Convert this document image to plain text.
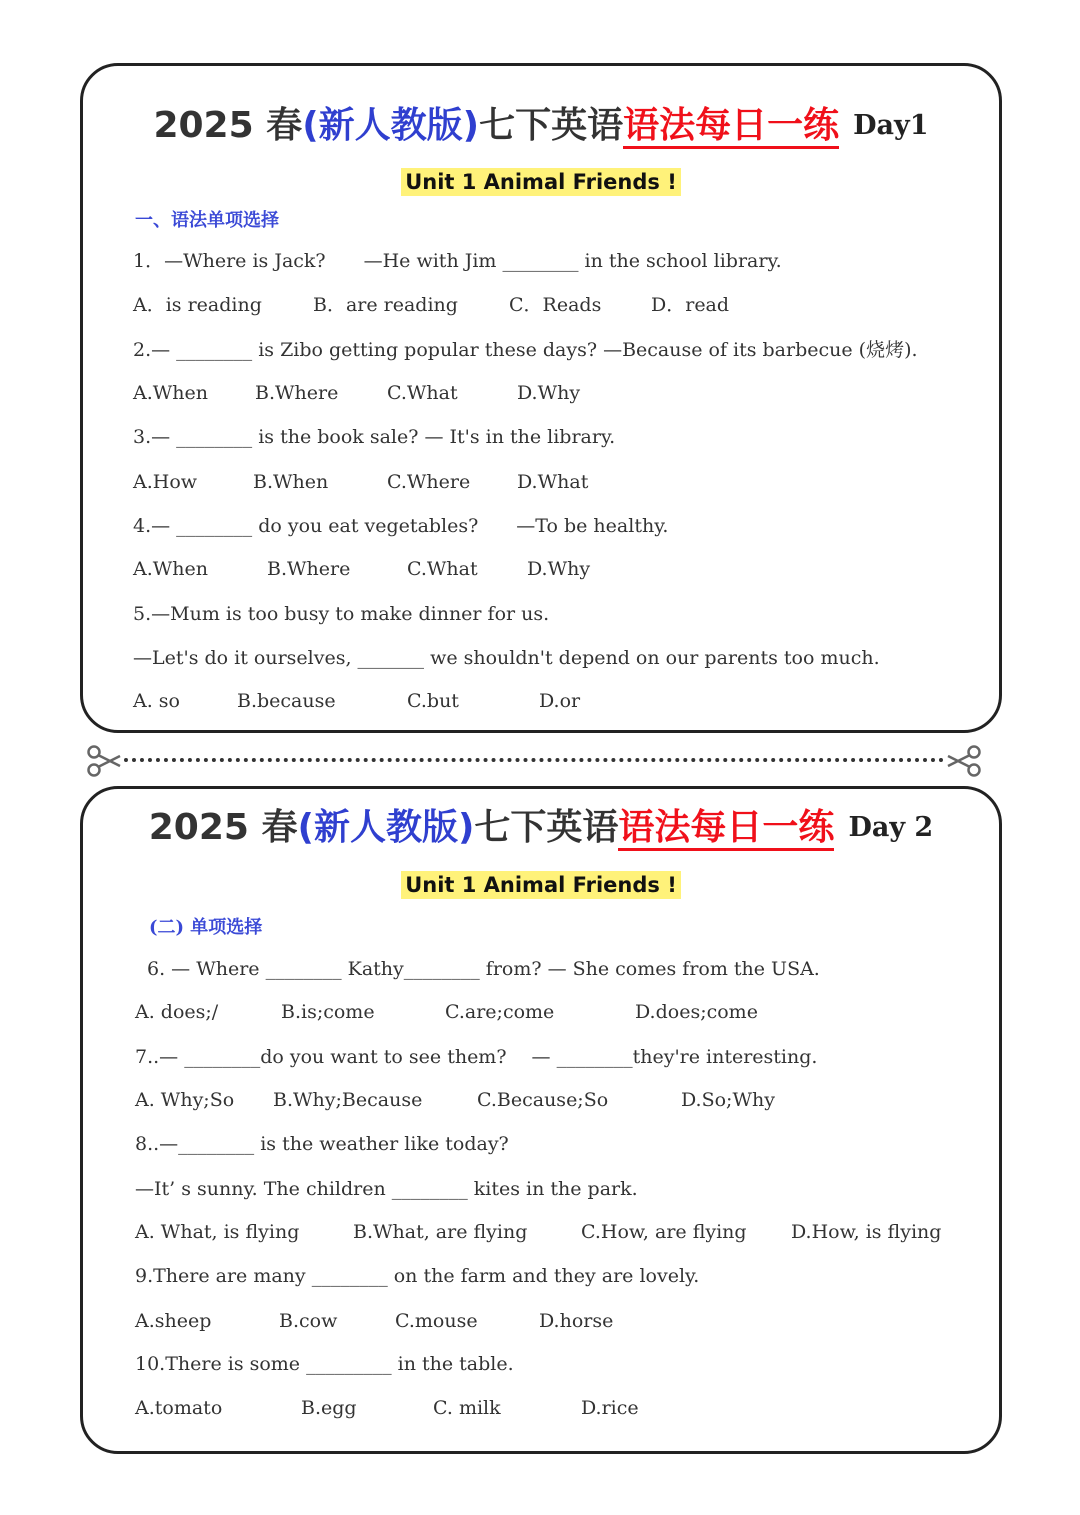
2025 春(新人教版)七下英语语法每日一练 Day1
Unit 1 Animal Friends !
一、语法单项选择
1．—Where is Jack?　　—He with Jim ________ in the school library.
A．is reading	B．are reading	C．Reads	D．read
2.— ________ is Zibo getting popular these days? —Because of its barbecue (烧烤).
A.When B.Where	C.What	D.Why
3.— ________ is the book sale? — It's in the library.
A.How	B.When	C.Where D.What
4.— ________ do you eat vegetables?　　—To be healthy.
A.When	B.Where	C.What	D.Why
5.—Mum is too busy to make dinner for us.
—Let's do it ourselves, _______ we shouldn't depend on our parents too much.
A. so	B.because	C.but	D.or
2025 春(新人教版)七下英语语法每日一练 Day 2
Unit 1 Animal Friends !
(二) 单项选择
6. — Where ________ Kathy________ from? — She comes from the USA.
A. does;/	B.is;come	C.are;come	D.does;come
7..— ________do you want to see them?　 — ________they're interesting.
A. Why;So B.Why;Because	C.Because;So	D.So;Why
8..—________ is the weather like today?
—It’ s sunny. The children ________ kites in the park.
A. What, is flying	B.What, are flying	C.How, are flying D.How, is flying
9.There are many ________ on the farm and they are lovely.
A.sheep	B.cow	C.mouse	D.horse
10.There is some _________ in the table.
A.tomato	B.egg	C. milk	D.rice
